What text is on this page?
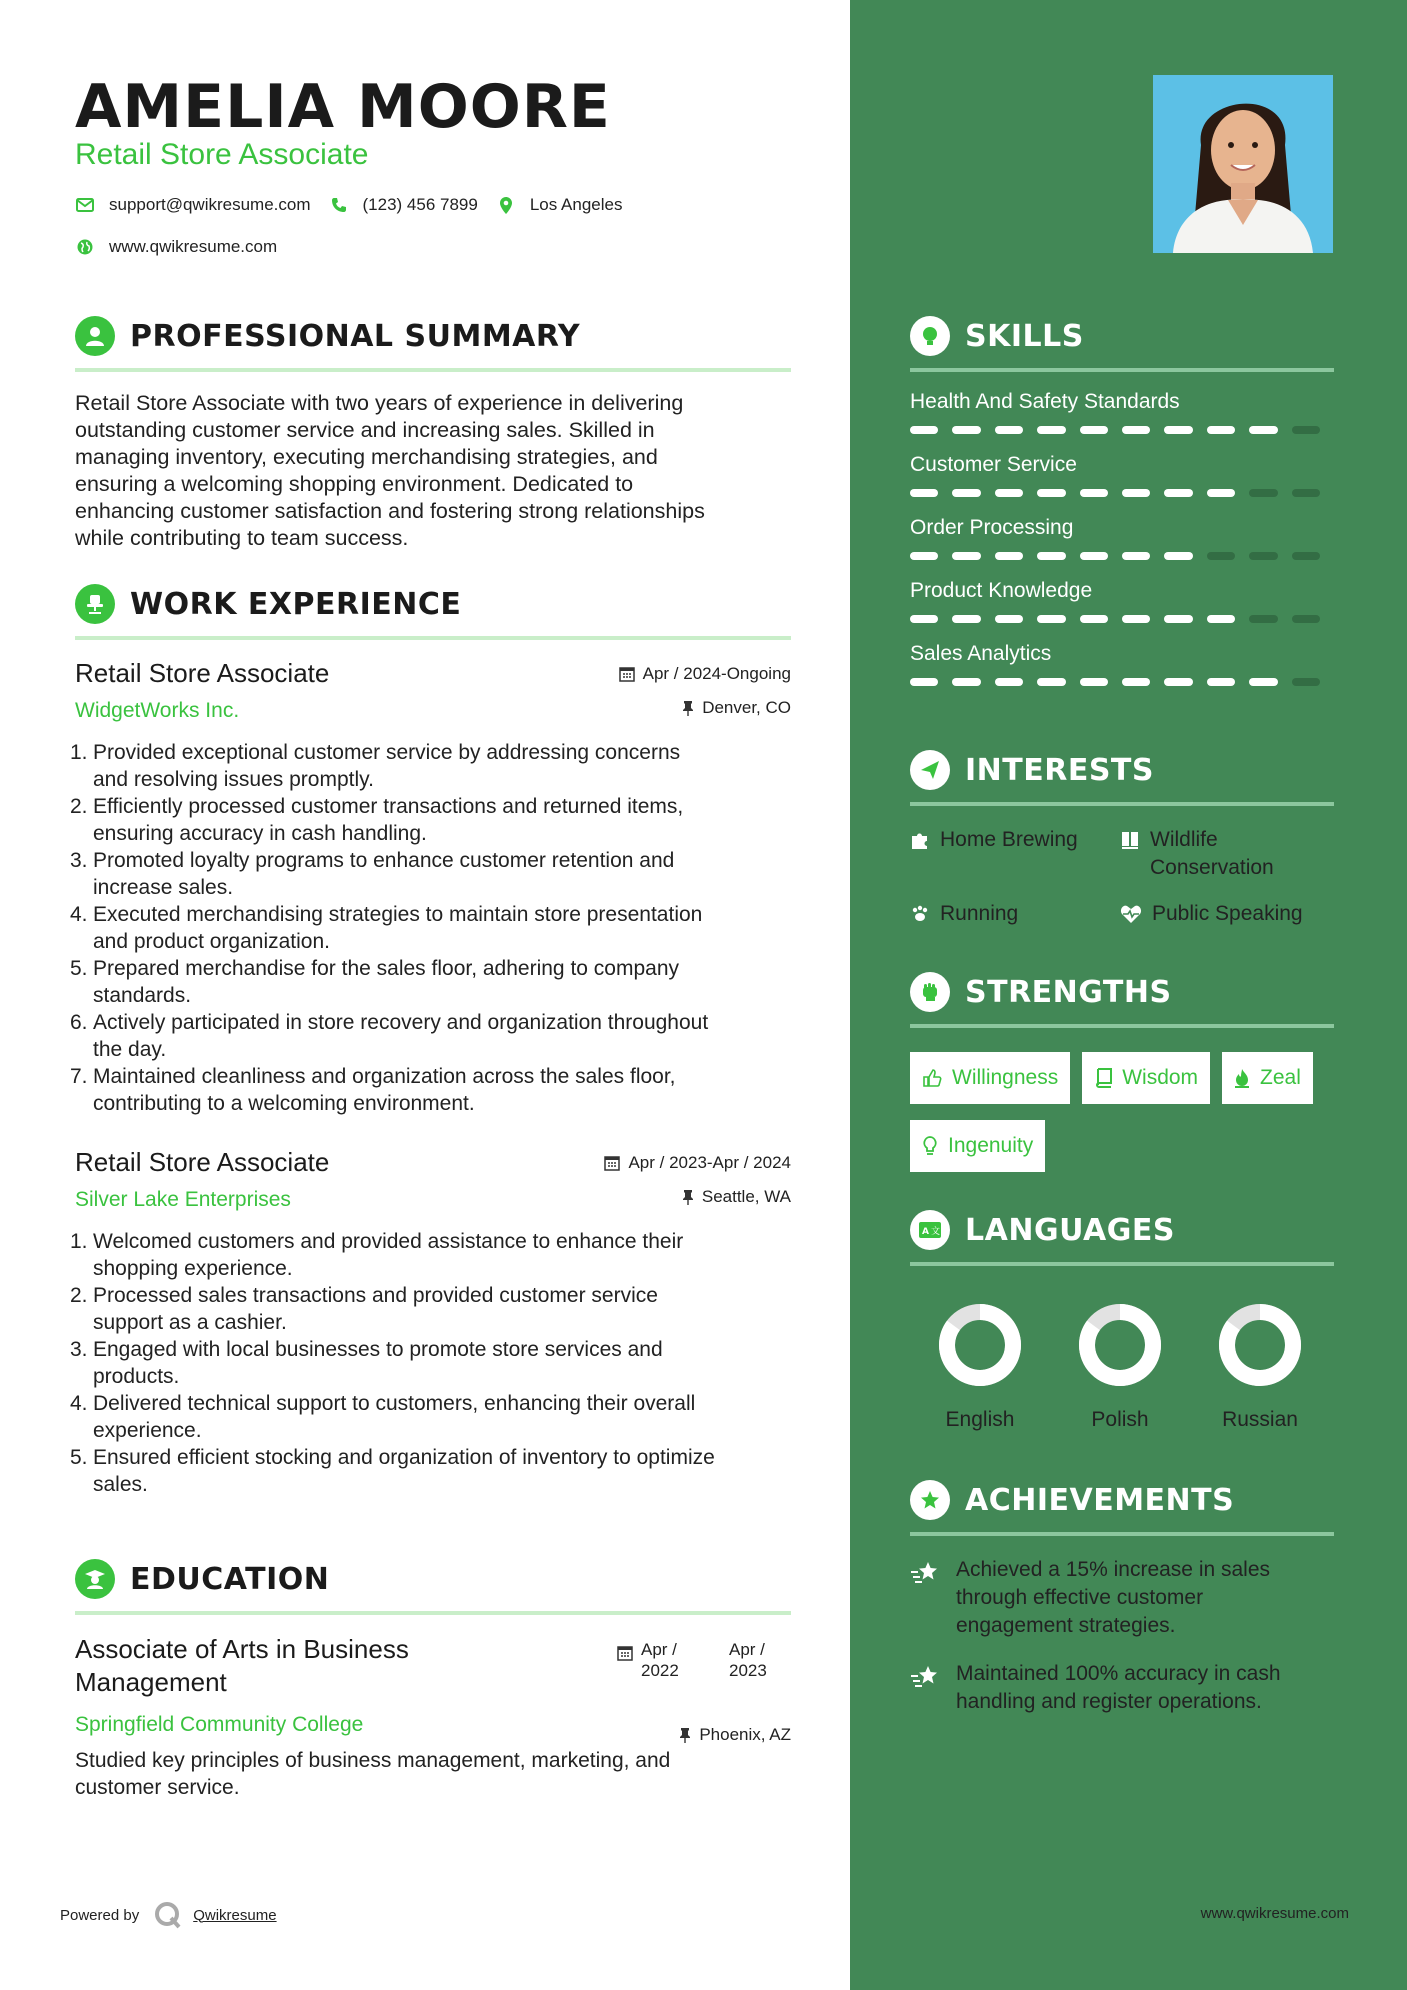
AMELIA MOORE
Retail Store Associate
support@qwikresume.com	(123) 456 7899	Los Angeles
www.qwikresume.com
PROFESSIONAL SUMMARY
Retail Store Associate with two years of experience in delivering
outstanding customer service and increasing sales. Skilled in
managing inventory, executing merchandising strategies, and
ensuring a welcoming shopping environment. Dedicated to
enhancing customer satisfaction and fostering strong relationships
while contributing to team success.
WORK EXPERIENCE
Retail Store Associate
WidgetWorks Inc.
Apr / 2024-Ongoing
Denver, CO
1. Provided exceptional customer service by addressing concerns
and resolving issues promptly.
2. Efficiently processed customer transactions and returned items,
ensuring accuracy in cash handling.
3. Promoted loyalty programs to enhance customer retention and
increase sales.
4. Executed merchandising strategies to maintain store presentation
and product organization.
5. Prepared merchandise for the sales floor, adhering to company
standards.
6. Actively participated in store recovery and organization throughout
the day.
7. Maintained cleanliness and organization across the sales floor,
contributing to a welcoming environment.
Retail Store Associate
Silver Lake Enterprises
Apr / 2023-Apr / 2024
Seattle, WA
1. Welcomed customers and provided assistance to enhance their
shopping experience.
2. Processed sales transactions and provided customer service
support as a cashier.
3. Engaged with local businesses to promote store services and
products.
4. Delivered technical support to customers, enhancing their overall
experience.
5. Ensured efficient stocking and organization of inventory to optimize
sales.
EDUCATION
Associate of Arts in Business
Management
Springfield Community College
Apr /
2022
Apr /
2023
Phoenix, AZ
Studied key principles of business management, marketing, and
customer service.
Powered by	Qwikresume	www.qwikresume.com
SKILLS
Health And Safety Standards
Customer Service
Order Processing
Product Knowledge
Sales Analytics
INTERESTS
Home Brewing	Wildlife
Conservation
Running	Public Speaking
STRENGTHS
Willingness	Wisdom	Zeal
Ingenuity
A 文 LANGUAGES
English	Polish	Russian
ACHIEVEMENTS
Achieved a 15% increase in sales
through effective customer
engagement strategies.
Maintained 100% accuracy in cash
handling and register operations.
